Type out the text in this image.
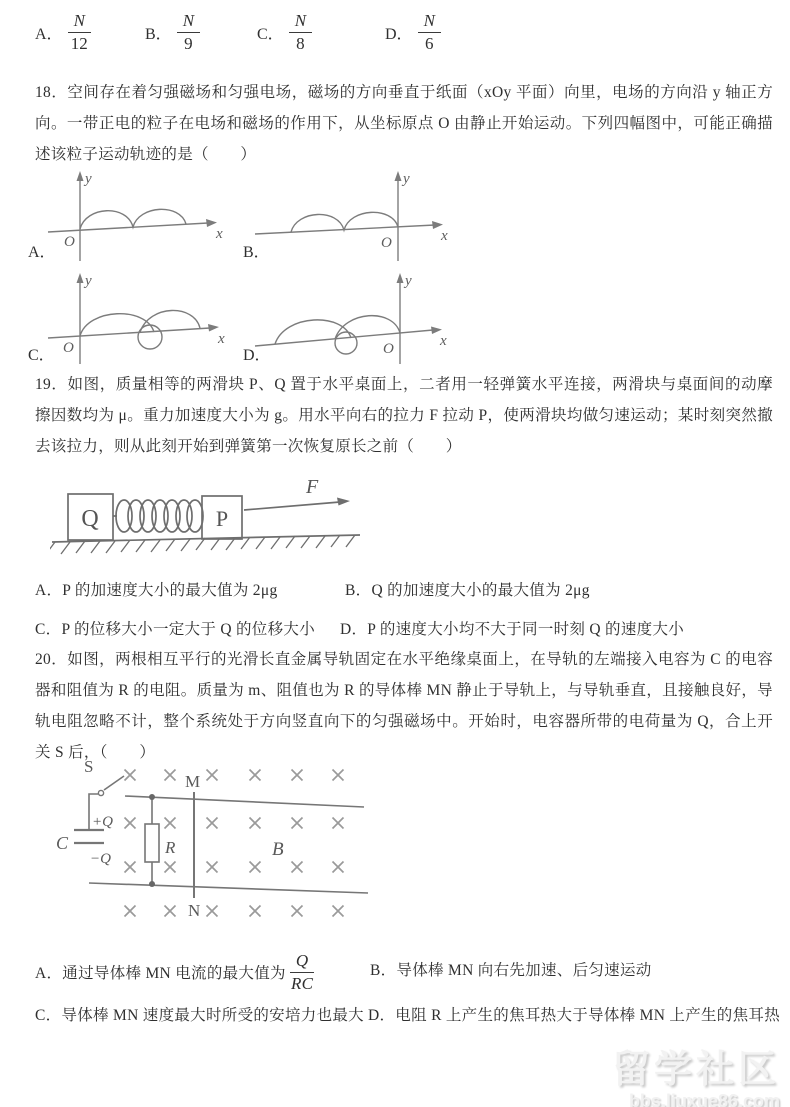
A． $\frac{N}{12}$	B． $\frac{N}{9}$	C． $\frac{N}{8}$	D． $\frac{N}{6}$
18．空间存在着匀强磁场和匀强电场，磁场的方向垂直于纸面（xOy 平面）向里，电场的方向沿 y 轴正方向。一带正电的粒子在电场和磁场的作用下，从坐标原点 O 由静止开始运动。下列四幅图中，可能正确描述该粒子运动轨迹的是（　　）
A．
y
x
O
B．
y
x
O
C．
y
x
O	D．
y
x
O
19．如图，质量相等的两滑块 P、Q 置于水平桌面上，二者用一轻弹簧水平连接，两滑块与桌面间的动摩擦因数均为 μ。重力加速度大小为 g。用水平向右的拉力 F 拉动 P，使两滑块均做匀速运动；某时刻突然撤去该拉力，则从此刻开始到弹簧第一次恢复原长之前（　　）
Q	P
F
A．P 的加速度大小的最大值为 2μg	B．Q 的加速度大小的最大值为 2μg
C．P 的位移大小一定大于 Q 的位移大小 D．P 的速度大小均不大于同一时刻 Q 的速度大小
20．如图，两根相互平行的光滑长直金属导轨固定在水平绝缘桌面上，在导轨的左端接入电容为 C 的电容器和阻值为 R 的电阻。质量为 m、阻值也为 R 的导体棒 MN 静止于导轨上，与导轨垂直，且接触良好，导轨电阻忽略不计，整个系统处于方向竖直向下的匀强磁场中。开始时，电容器所带的电荷量为 Q，合上开关 S 后，（　　）
S
C
+Q
−Q
R
M
N
B
A．通过导体棒 MN 电流的最大值为 $\frac{Q}{RC}$	B．导体棒 MN 向右先加速、后匀速运动
C．导体棒 MN 速度最大时所受的安培力也最大 D．电阻 R 上产生的焦耳热大于导体棒 MN 上产生的焦耳热
留学社区
bbs.liuxue86.com
